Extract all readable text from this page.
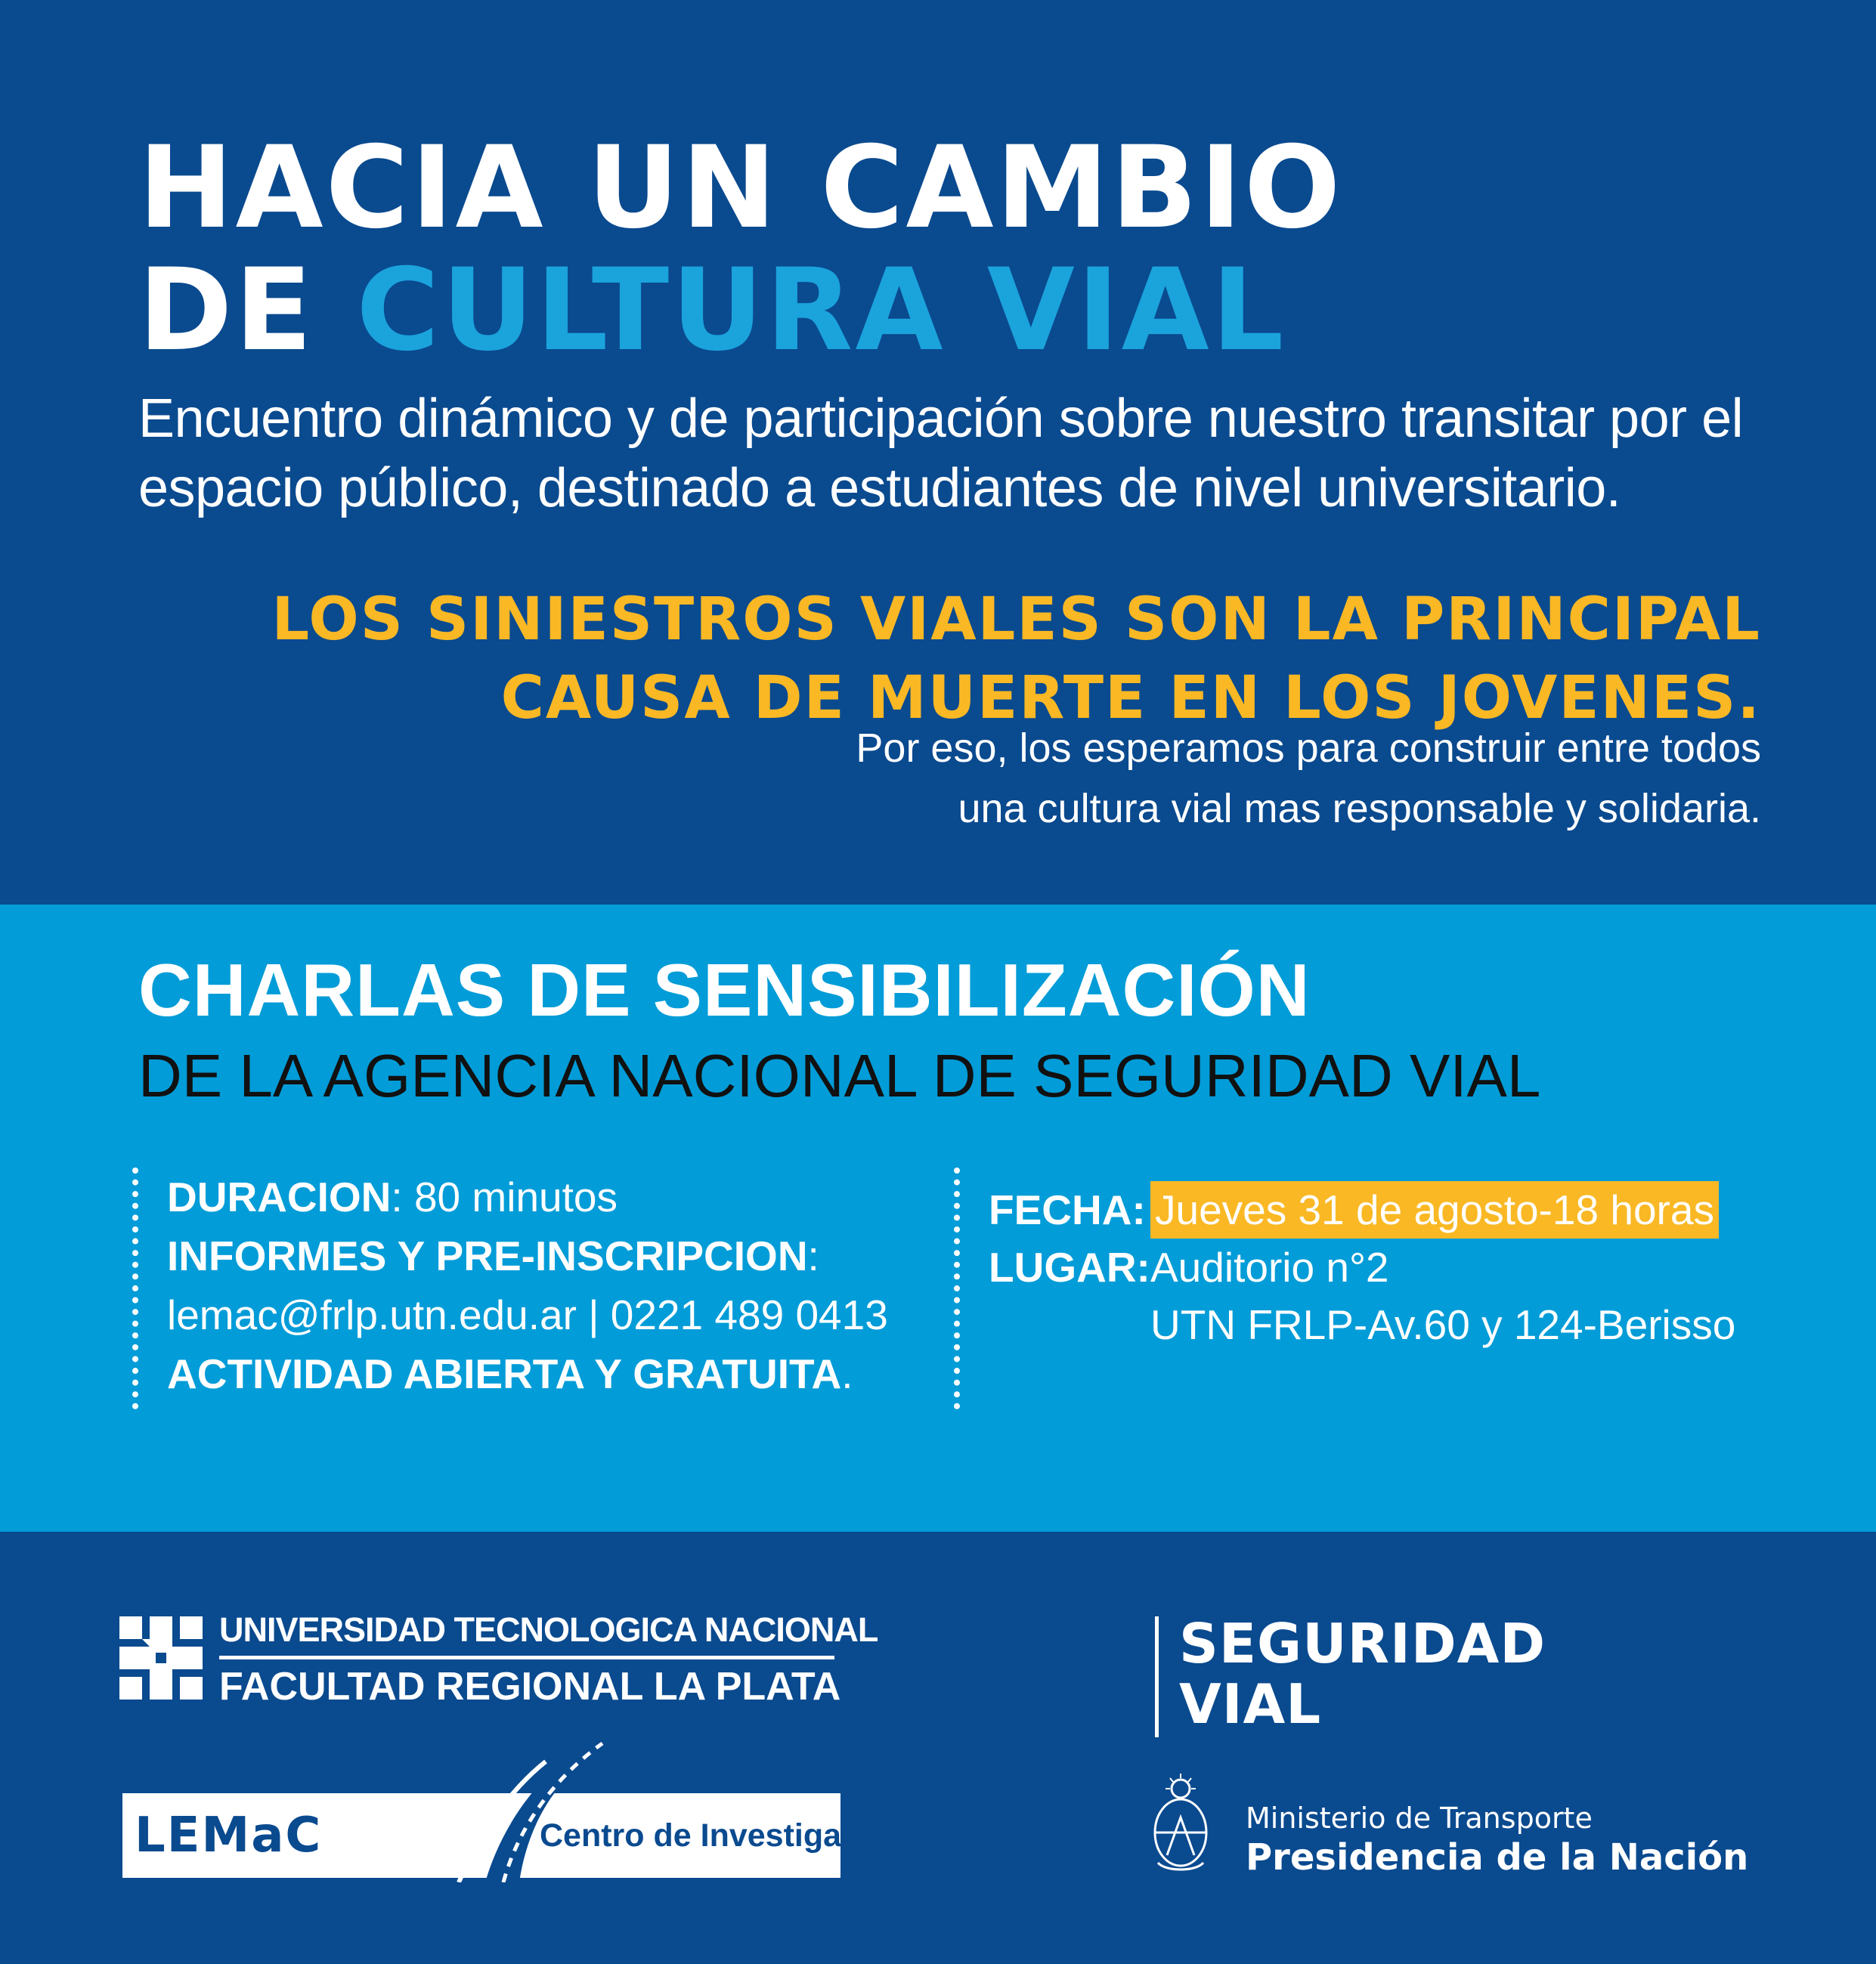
HACIA UN CAMBIO
DE CULTURA VIAL

Encuentro dinámico y de participación sobre nuestro transitar por el espacio público, destinado a estudiantes de nivel universitario.

LOS SINIESTROS VIALES SON LA PRINCIPAL
CAUSA DE MUERTE EN LOS JOVENES.

Por eso, los esperamos para construir entre todos
una cultura vial mas responsable y solidaria.

CHARLAS DE SENSIBILIZACIÓN

DE LA AGENCIA NACIONAL DE SEGURIDAD VIAL

DURACION: 80 minutos
INFORMES Y PRE-INSCRIPCION:
lemac@frlp.utn.edu.ar | 0221 489 0413
ACTIVIDAD ABIERTA Y GRATUITA.
FECHA: Jueves 31 de agosto-18 horas
LUGAR: Auditorio n°2
UTN FRLP-Av.60 y 124-Berisso
UNIVERSIDAD TECNOLOGICA NACIONAL
FACULTAD REGIONAL LA PLATA
LEMaC	Centro de Investigaciones Viales
SEGURIDAD
VIAL
Ministerio de Transporte
Presidencia de la Nación
